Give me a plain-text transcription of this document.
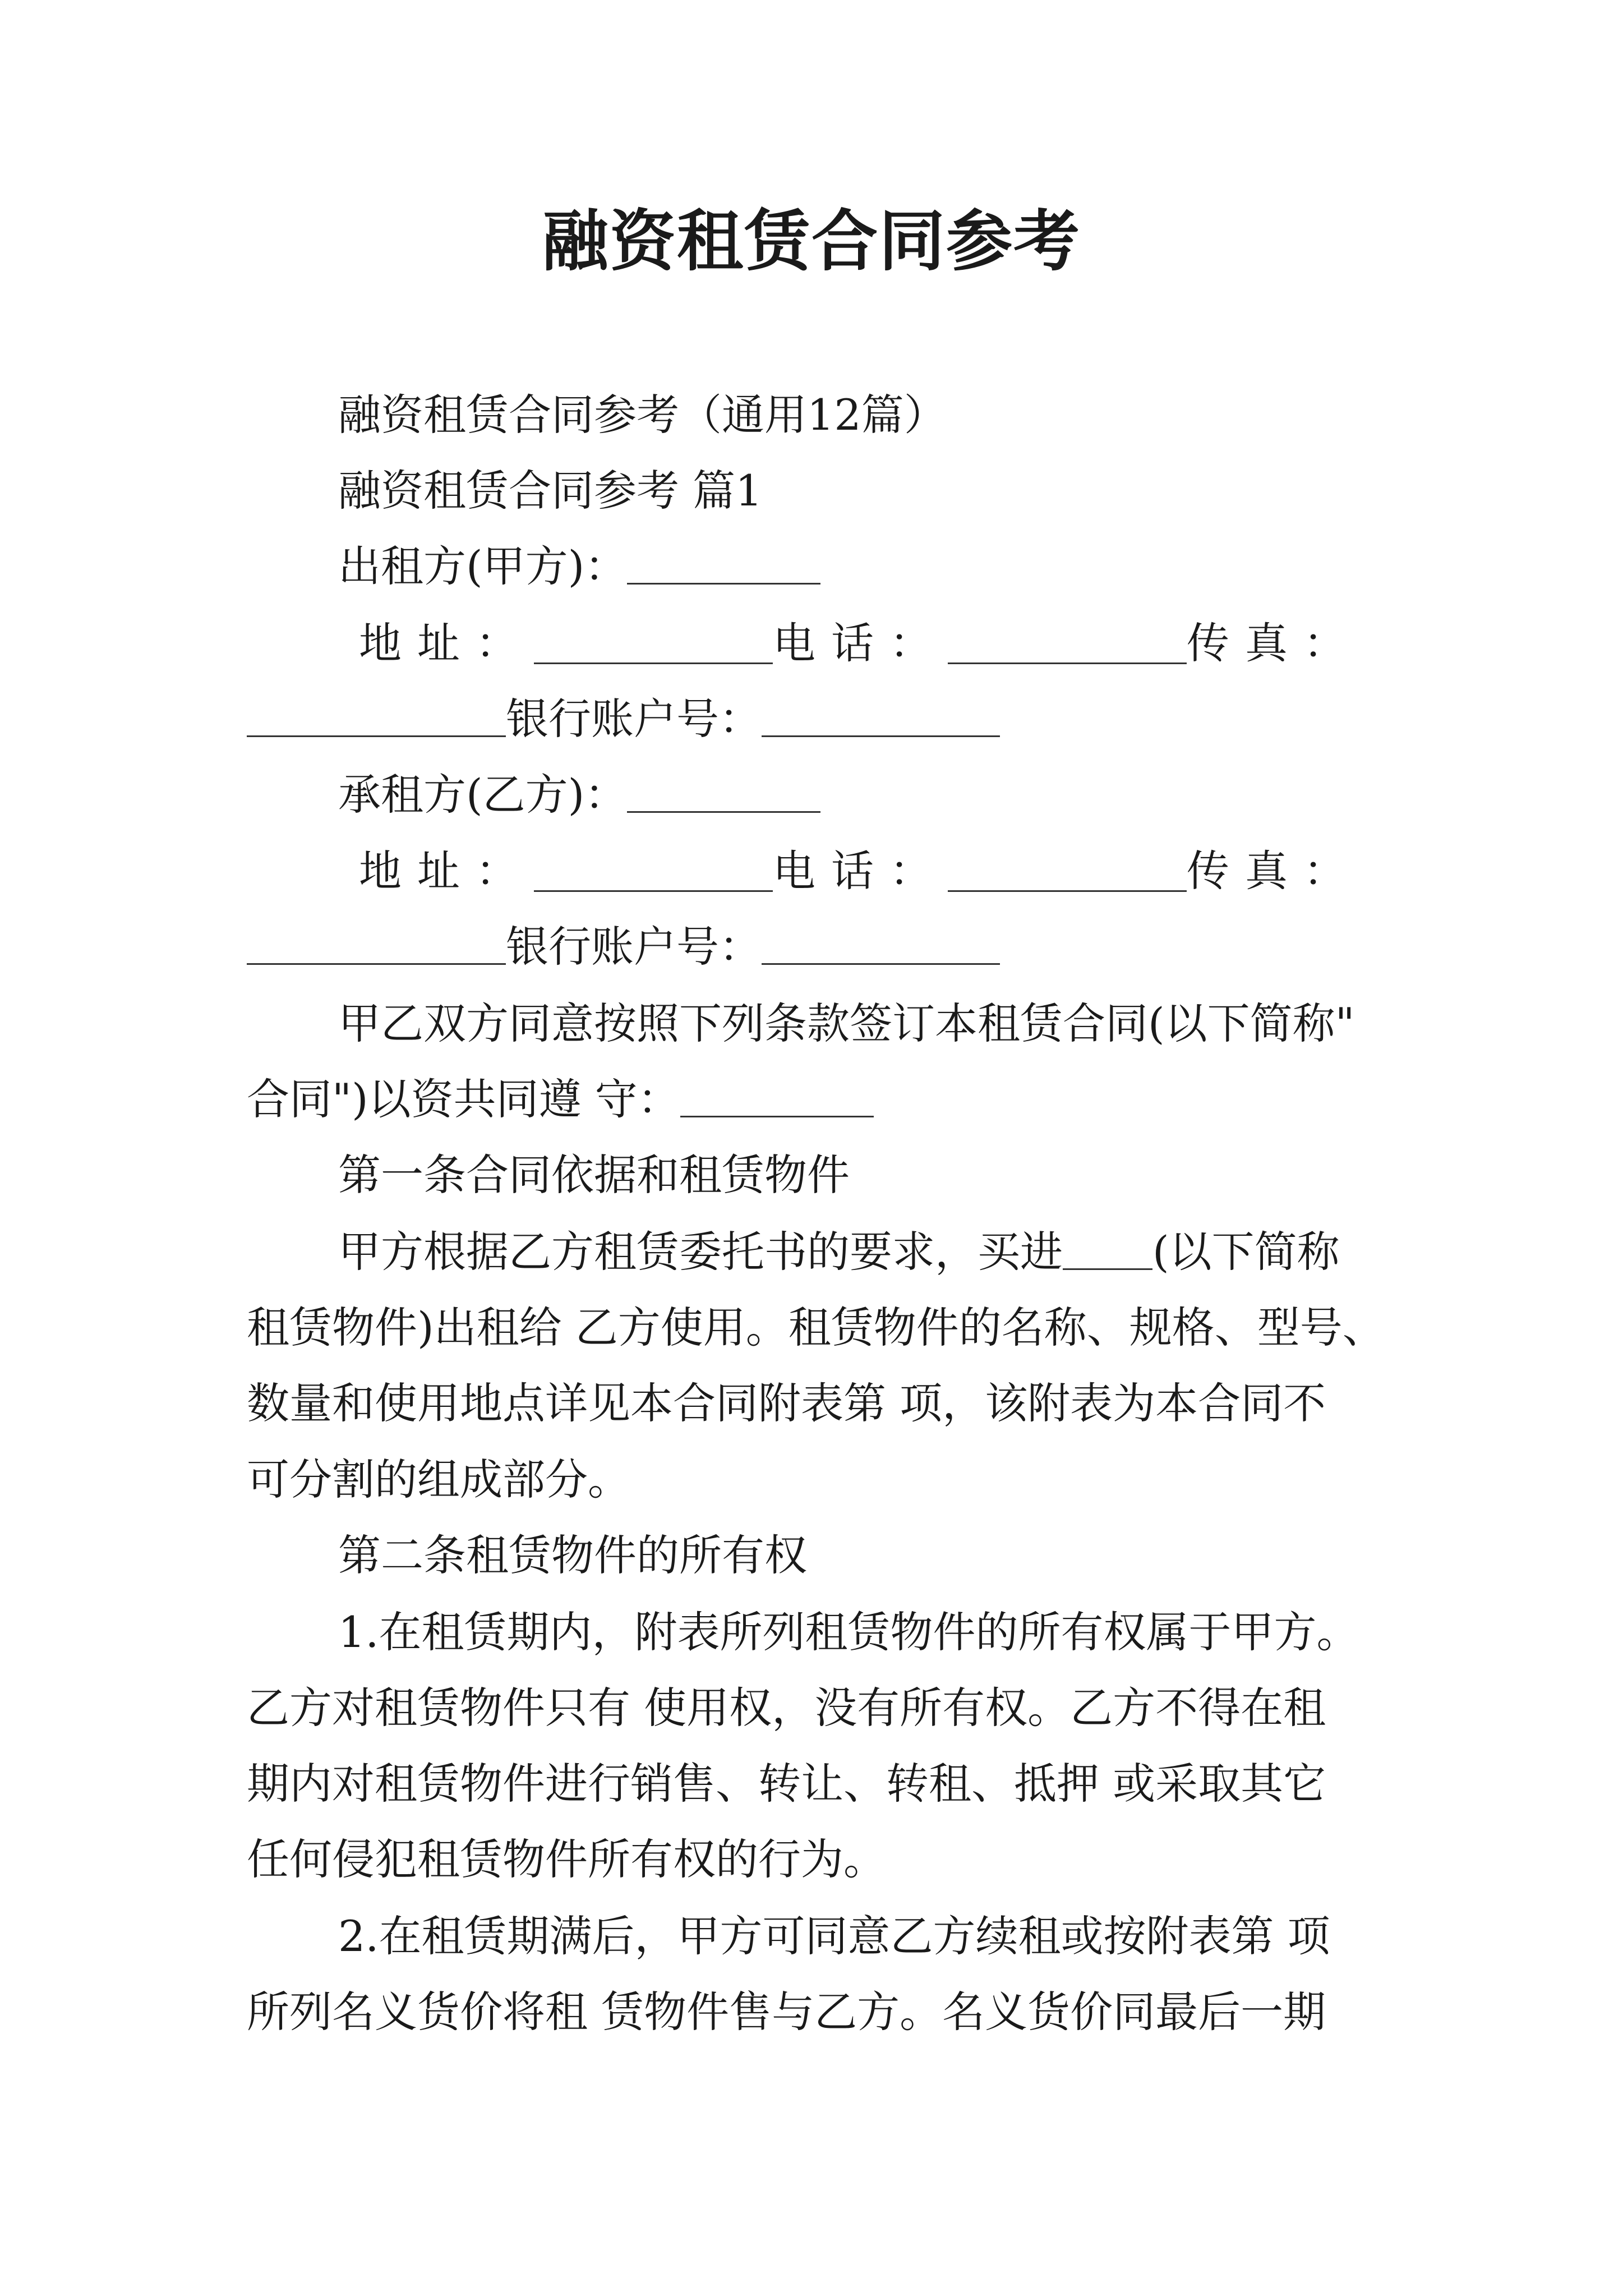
融资租赁合同参考
融资租赁合同参考（通用12篇）
融资租赁合同参考 篇1
出租方(甲方)：
地址：	电话：	传真：
银行账户号：
承租方(乙方)：
地址：	电话：	传真：
银行账户号：
甲乙双方同意按照下列条款签订本租赁合同(以下简称"
合同")以资共同遵 守：
第一条合同依据和租赁物件
甲方根据乙方租赁委托书的要求，买进 (以下简称
租赁物件)出租给 乙方使用。租赁物件的名称、规格、型号、
数量和使用地点详见本合同附表第 项，该附表为本合同不
可分割的组成部分。
第二条租赁物件的所有权
1.在租赁期内，附表所列租赁物件的所有权属于甲方。
乙方对租赁物件只有 使用权，没有所有权。乙方不得在租
期内对租赁物件进行销售、转让、转租、抵押 或采取其它
任何侵犯租赁物件所有权的行为。
2.在租赁期满后，甲方可同意乙方续租或按附表第 项
所列名义货价将租 赁物件售与乙方。名义货价同最后一期
